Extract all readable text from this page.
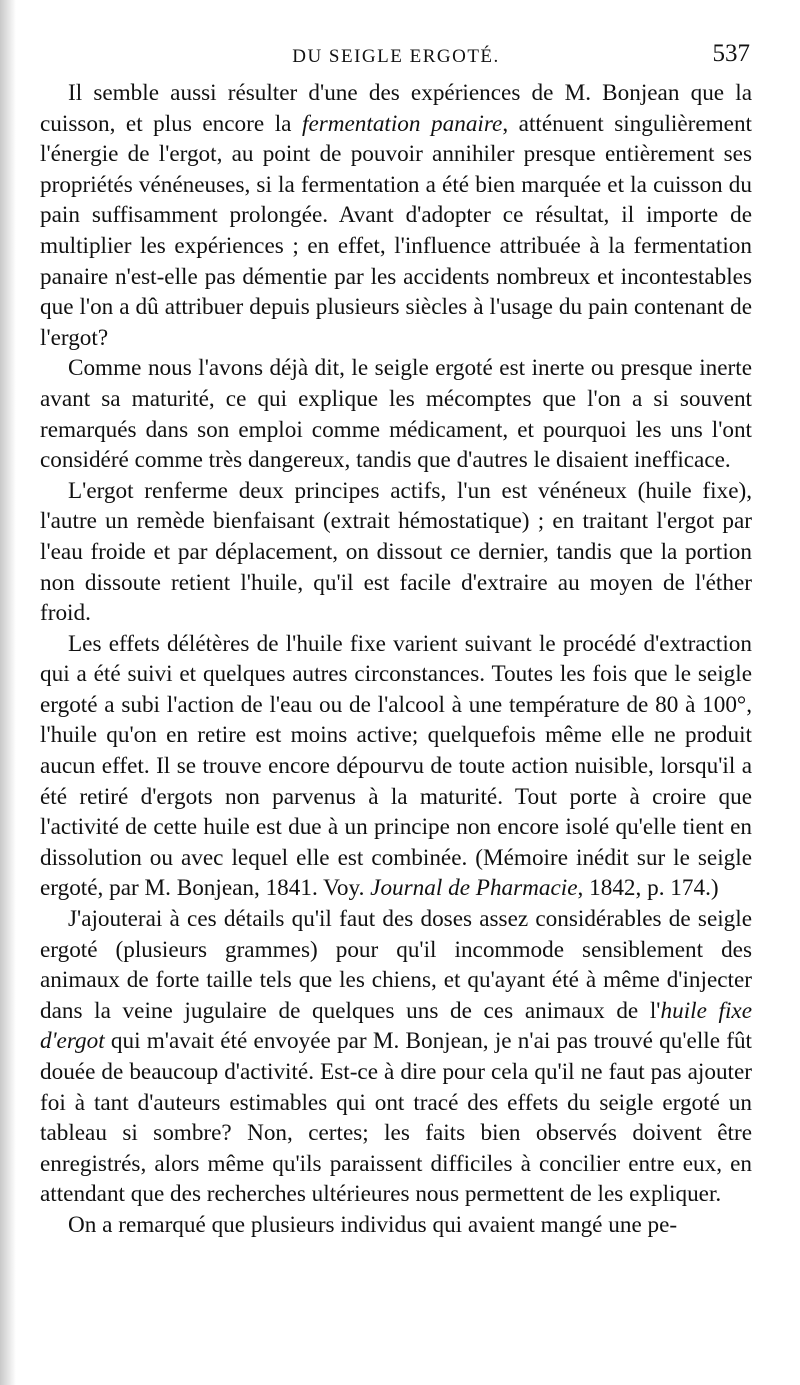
DU SEIGLE ERGOTÉ.	537

Il semble aussi résulter d'une des expériences de M. Bonjean que la cuisson, et plus encore la fermentation panaire, atténuent singulièrement l'énergie de l'ergot, au point de pouvoir annihiler presque entièrement ses propriétés vénéneuses, si la fermentation a été bien marquée et la cuisson du pain suffisamment prolongée. Avant d'adopter ce résultat, il importe de multiplier les expériences ; en effet, l'influence attribuée à la fermentation panaire n'est-elle pas démentie par les accidents nombreux et incontestables que l'on a dû attribuer depuis plusieurs siècles à l'usage du pain contenant de l'ergot?

Comme nous l'avons déjà dit, le seigle ergoté est inerte ou presque inerte avant sa maturité, ce qui explique les mécomptes que l'on a si souvent remarqués dans son emploi comme médicament, et pourquoi les uns l'ont considéré comme très dangereux, tandis que d'autres le disaient inefficace.

L'ergot renferme deux principes actifs, l'un est vénéneux (huile fixe), l'autre un remède bienfaisant (extrait hémostatique) ; en traitant l'ergot par l'eau froide et par déplacement, on dissout ce dernier, tandis que la portion non dissoute retient l'huile, qu'il est facile d'extraire au moyen de l'éther froid.

Les effets délétères de l'huile fixe varient suivant le procédé d'extraction qui a été suivi et quelques autres circonstances. Toutes les fois que le seigle ergoté a subi l'action de l'eau ou de l'alcool à une température de 80 à 100°, l'huile qu'on en retire est moins active; quelquefois même elle ne produit aucun effet. Il se trouve encore dépourvu de toute action nuisible, lorsqu'il a été retiré d'ergots non parvenus à la maturité. Tout porte à croire que l'activité de cette huile est due à un principe non encore isolé qu'elle tient en dissolution ou avec lequel elle est combinée. (Mémoire inédit sur le seigle ergoté, par M. Bonjean, 1841. Voy. Journal de Pharmacie, 1842, p. 174.)

J'ajouterai à ces détails qu'il faut des doses assez considérables de seigle ergoté (plusieurs grammes) pour qu'il incommode sensiblement des animaux de forte taille tels que les chiens, et qu'ayant été à même d'injecter dans la veine jugulaire de quelques uns de ces animaux de l'huile fixe d'ergot qui m'avait été envoyée par M. Bonjean, je n'ai pas trouvé qu'elle fût douée de beaucoup d'activité. Est-ce à dire pour cela qu'il ne faut pas ajouter foi à tant d'auteurs estimables qui ont tracé des effets du seigle ergoté un tableau si sombre? Non, certes; les faits bien observés doivent être enregistrés, alors même qu'ils paraissent difficiles à concilier entre eux, en attendant que des recherches ultérieures nous permettent de les expliquer.

On a remarqué que plusieurs individus qui avaient mangé une pe-
